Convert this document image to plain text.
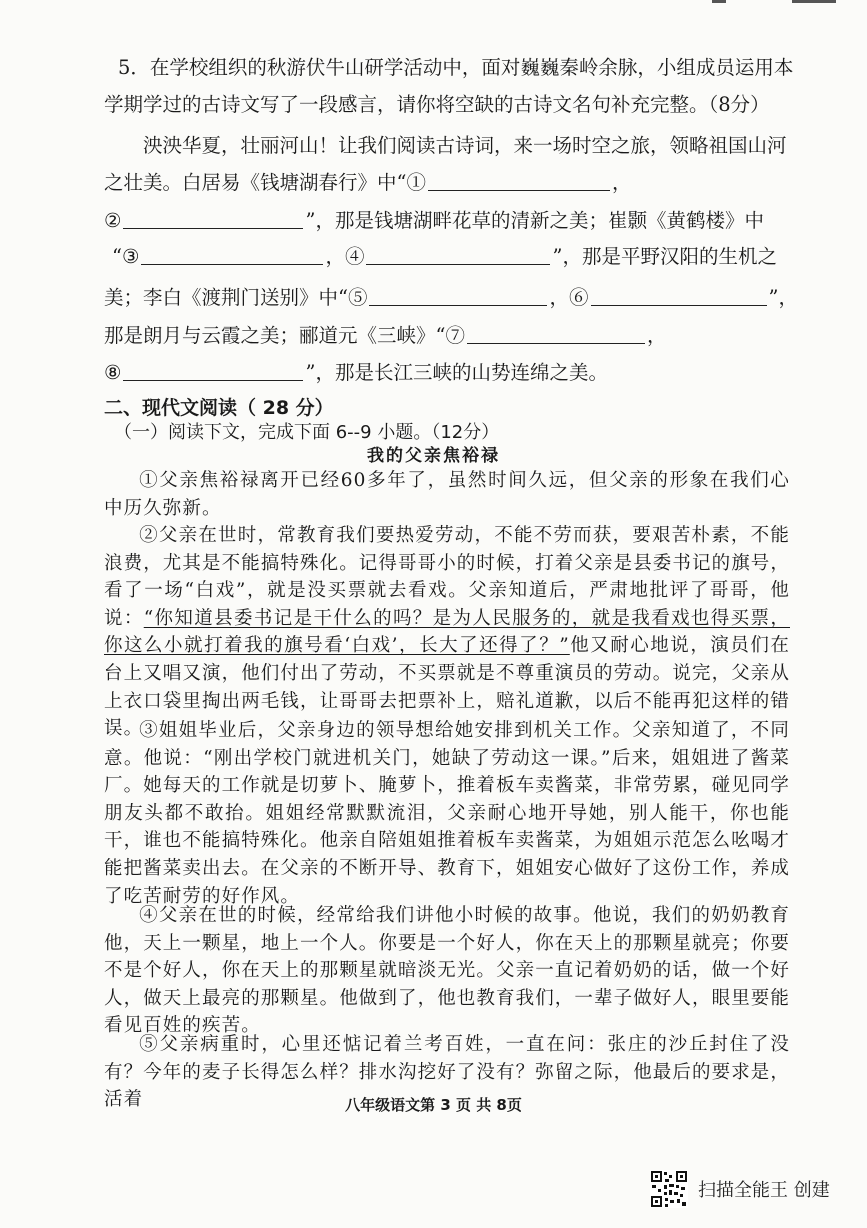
5．在学校组织的秋游伏牛山研学活动中，面对巍巍秦岭余脉，小组成员运用本
学期学过的古诗文写了一段感言，请你将空缺的古诗文名句补充完整。（8分）
泱泱华夏，壮丽河山！让我们阅读古诗词，来一场时空之旅，领略祖国山河
之壮美。白居易《钱塘湖春行》中“①	，
②	”，那是钱塘湖畔花草的清新之美；崔颢《黄鹤楼》中
“③	，④	”，那是平野汉阳的生机之
美；李白《渡荆门送别》中“⑤	，⑥	”，
那是朗月与云霞之美；郦道元《三峡》“⑦	，
⑧	”，那是长江三峡的山势连绵之美。
二、现代文阅读（ 28 分）
（一）阅读下文，完成下面 6--9 小题。（12分）
我的父亲焦裕禄
①父亲焦裕禄离开已经60多年了，虽然时间久远，但父亲的形象在我们心中历久弥新。
②父亲在世时，常教育我们要热爱劳动，不能不劳而获，要艰苦朴素，不能浪费，尤其是不能搞特殊化。记得哥哥小的时候，打着父亲是县委书记的旗号，看了一场“白戏”，就是没买票就去看戏。父亲知道后，严肃地批评了哥哥，他说：“你知道县委书记是干什么的吗？是为人民服务的，就是我看戏也得买票，你这么小就打着我的旗号看‘白戏’，长大了还得了？”他又耐心地说，演员们在台上又唱又演，他们付出了劳动，不买票就是不尊重演员的劳动。说完，父亲从上衣口袋里掏出两毛钱，让哥哥去把票补上，赔礼道歉，以后不能再犯这样的错误。
③姐姐毕业后，父亲身边的领导想给她安排到机关工作。父亲知道了，不同意。他说：“刚出学校门就进机关门，她缺了劳动这一课。”后来，姐姐进了酱菜厂。她每天的工作就是切萝卜、腌萝卜，推着板车卖酱菜，非常劳累，碰见同学朋友头都不敢抬。姐姐经常默默流泪，父亲耐心地开导她，别人能干，你也能干，谁也不能搞特殊化。他亲自陪姐姐推着板车卖酱菜，为姐姐示范怎么吆喝才能把酱菜卖出去。在父亲的不断开导、教育下，姐姐安心做好了这份工作，养成了吃苦耐劳的好作风。
④父亲在世的时候，经常给我们讲他小时候的故事。他说，我们的奶奶教育他，天上一颗星，地上一个人。你要是一个好人，你在天上的那颗星就亮；你要不是个好人，你在天上的那颗星就暗淡无光。父亲一直记着奶奶的话，做一个好人，做天上最亮的那颗星。他做到了，他也教育我们，一辈子做好人，眼里要能看见百姓的疾苦。
⑤父亲病重时，心里还惦记着兰考百姓，一直在问：张庄的沙丘封住了没有？今年的麦子长得怎么样？排水沟挖好了没有？弥留之际，他最后的要求是，活着	八年级语文第 3 页 共 8页
扫描全能王 创建
